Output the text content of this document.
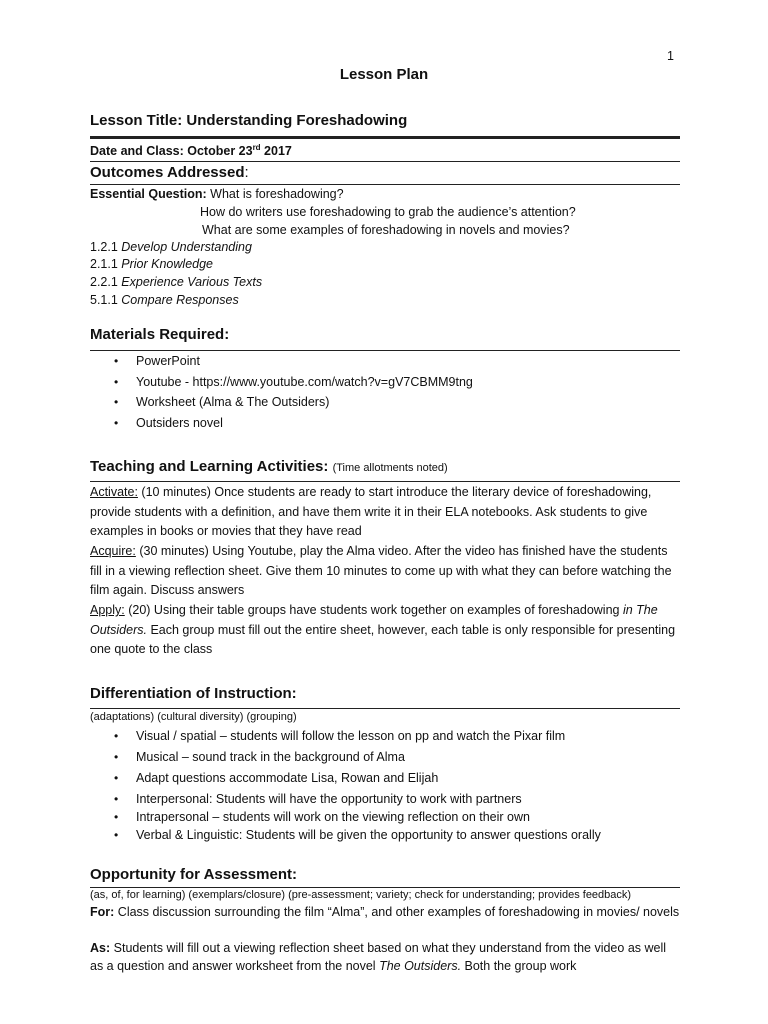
1
Lesson Plan
Lesson Title: Understanding Foreshadowing
Date and Class: October 23rd 2017
Outcomes Addressed:
Essential Question: What is foreshadowing?
How do writers use foreshadowing to grab the audience’s attention?
What are some examples of foreshadowing in novels and movies?
1.2.1 Develop Understanding
2.1.1 Prior Knowledge
2.2.1 Experience Various Texts
5.1.1 Compare Responses
Materials Required:
• PowerPoint
• Youtube - https://www.youtube.com/watch?v=gV7CBMM9tng
• Worksheet (Alma & The Outsiders)
• Outsiders novel
Teaching and Learning Activities: (Time allotments noted)
Activate: (10 minutes) Once students are ready to start introduce the literary device of foreshadowing, provide students with a definition, and have them write it in their ELA notebooks. Ask students to give examples in books or movies that they have read
Acquire: (30 minutes) Using Youtube, play the Alma video. After the video has finished have the students fill in a viewing reflection sheet. Give them 10 minutes to come up with what they can before watching the film again. Discuss answers
Apply: (20) Using their table groups have students work together on examples of foreshadowing in The Outsiders. Each group must fill out the entire sheet, however, each table is only responsible for presenting one quote to the class
Differentiation of Instruction:
(adaptations) (cultural diversity) (grouping)
• Visual / spatial – students will follow the lesson on pp and watch the Pixar film
• Musical – sound track in the background of Alma
• Adapt questions accommodate Lisa, Rowan and Elijah
• Interpersonal: Students will have the opportunity to work with partners
• Intrapersonal – students will work on the viewing reflection on their own
• Verbal & Linguistic: Students will be given the opportunity to answer questions orally
Opportunity for Assessment:
(as, of, for learning) (exemplars/closure) (pre-assessment; variety; check for understanding; provides feedback)
For: Class discussion surrounding the film “Alma”, and other examples of foreshadowing in movies/ novels
As: Students will fill out a viewing reflection sheet based on what they understand from the video as well as a question and answer worksheet from the novel The Outsiders. Both the group work
